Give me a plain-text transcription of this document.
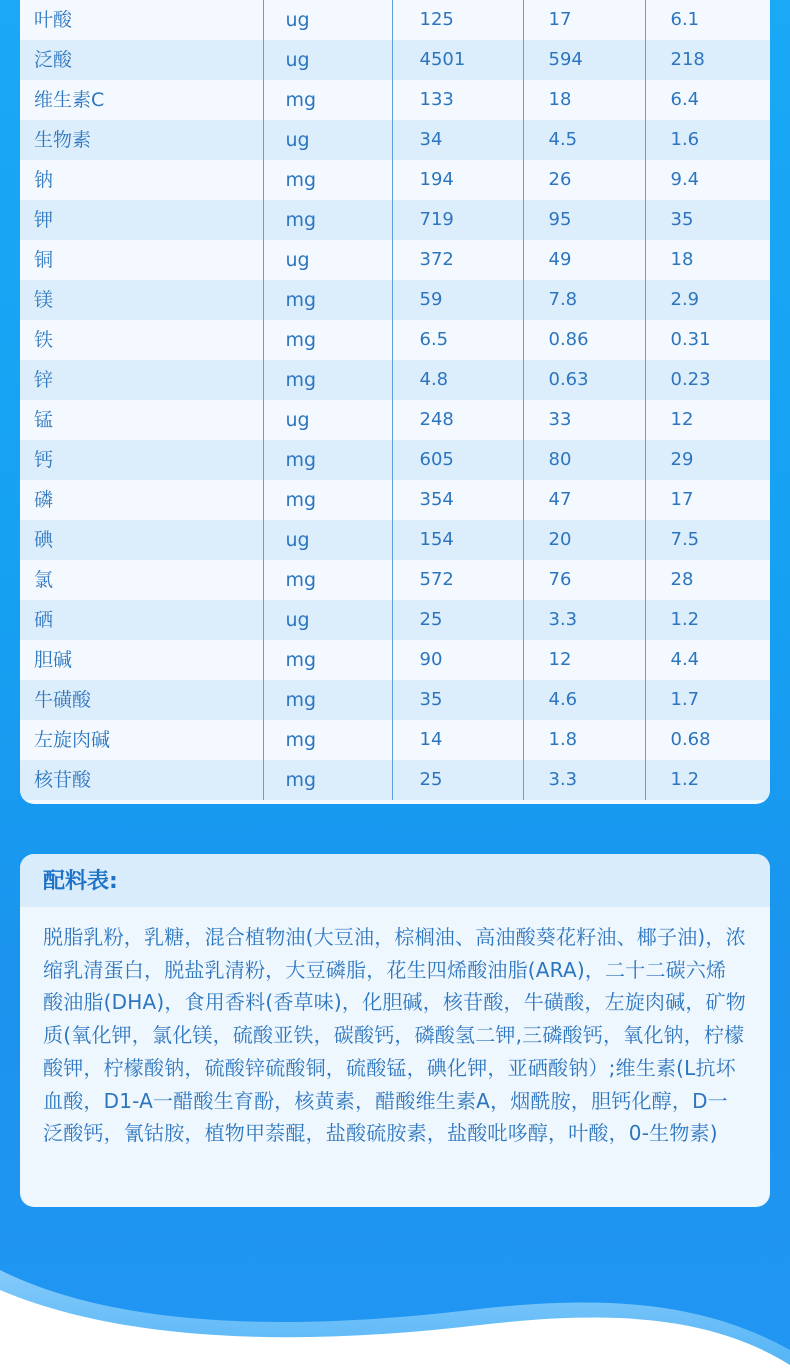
叶酸	ug	125	17	6.1
泛酸	ug	4501	594	218
维生素C	mg	133	18	6.4
生物素	ug	34	4.5	1.6
钠	mg	194	26	9.4
钾	mg	719	95	35
铜	ug	372	49	18
镁	mg	59	7.8	2.9
铁	mg	6.5	0.86	0.31
锌	mg	4.8	0.63	0.23
锰	ug	248	33	12
钙	mg	605	80	29
磷	mg	354	47	17
碘	ug	154	20	7.5
氯	mg	572	76	28
硒	ug	25	3.3	1.2
胆碱	mg	90	12	4.4
牛磺酸	mg	35	4.6	1.7
左旋肉碱	mg	14	1.8	0.68
核苷酸	mg	25	3.3	1.2
配料表:
脱脂乳粉，乳糖，混合植物油(大豆油，棕榈油、高油酸葵花籽油、椰子油)，浓缩乳清蛋白，脱盐乳清粉，大豆磷脂，花生四烯酸油脂(ARA)，二十二碳六烯酸油脂(DHA)，食用香料(香草味)，化胆碱，核苷酸，牛磺酸，左旋肉碱，矿物质(氧化钾，氯化镁，硫酸亚铁，碳酸钙，磷酸氢二钾,三磷酸钙，氧化钠，柠檬酸钾，柠檬酸钠，硫酸锌硫酸铜，硫酸锰，碘化钾，亚硒酸钠）;维生素(L抗坏血酸，D1-A一醋酸生育酚，核黄素，醋酸维生素A，烟酰胺，胆钙化醇，D一泛酸钙，氰钴胺，植物甲萘醌，盐酸硫胺素，盐酸吡哆醇，叶酸，0-生物素)
